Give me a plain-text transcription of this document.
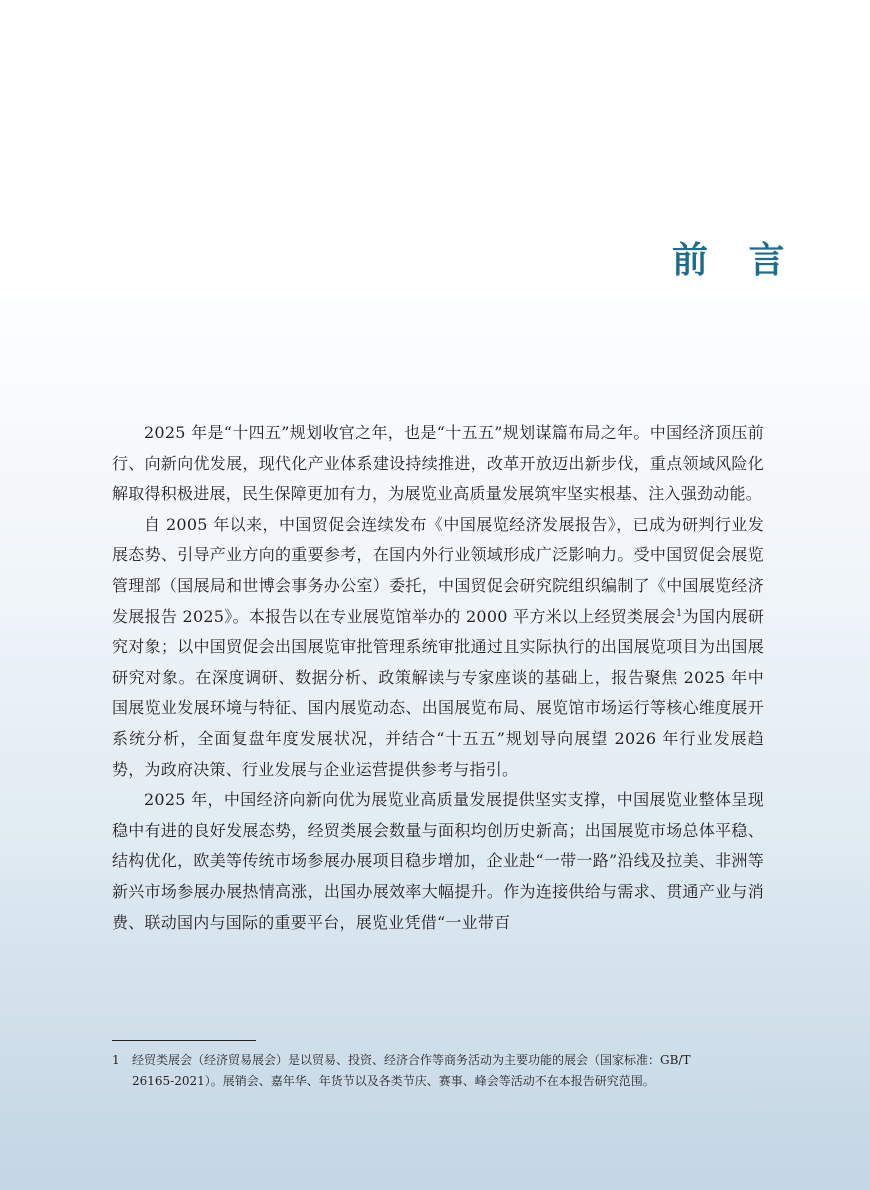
前 言

2025 年是“十四五”规划收官之年，也是“十五五”规划谋篇布局之年。中国经济顶压前行、向新向优发展，现代化产业体系建设持续推进，改革开放迈出新步伐，重点领域风险化解取得积极进展，民生保障更加有力，为展览业高质量发展筑牢坚实根基、注入强劲动能。

自 2005 年以来，中国贸促会连续发布《中国展览经济发展报告》，已成为研判行业发展态势、引导产业方向的重要参考，在国内外行业领域形成广泛影响力。受中国贸促会展览管理部（国展局和世博会事务办公室）委托，中国贸促会研究院组织编制了《中国展览经济发展报告 2025》。本报告以在专业展览馆举办的 2000 平方米以上经贸类展会$^1$为国内展研究对象；以中国贸促会出国展览审批管理系统审批通过且实际执行的出国展览项目为出国展研究对象。在深度调研、数据分析、政策解读与专家座谈的基础上，报告聚焦 2025 年中国展览业发展环境与特征、国内展览动态、出国展览布局、展览馆市场运行等核心维度展开系统分析，全面复盘年度发展状况，并结合“十五五”规划导向展望 2026 年行业发展趋势，为政府决策、行业发展与企业运营提供参考与指引。

2025 年，中国经济向新向优为展览业高质量发展提供坚实支撑，中国展览业整体呈现稳中有进的良好发展态势，经贸类展会数量与面积均创历史新高；出国展览市场总体平稳、结构优化，欧美等传统市场参展办展项目稳步增加，企业赴“一带一路”沿线及拉美、非洲等新兴市场参展办展热情高涨，出国办展效率大幅提升。作为连接供给与需求、贯通产业与消费、联动国内与国际的重要平台，展览业凭借“一业带百

1 经贸类展会（经济贸易展会）是以贸易、投资、经济合作等商务活动为主要功能的展会（国家标准：GB/T
26165-2021）。展销会、嘉年华、年货节以及各类节庆、赛事、峰会等活动不在本报告研究范围。
